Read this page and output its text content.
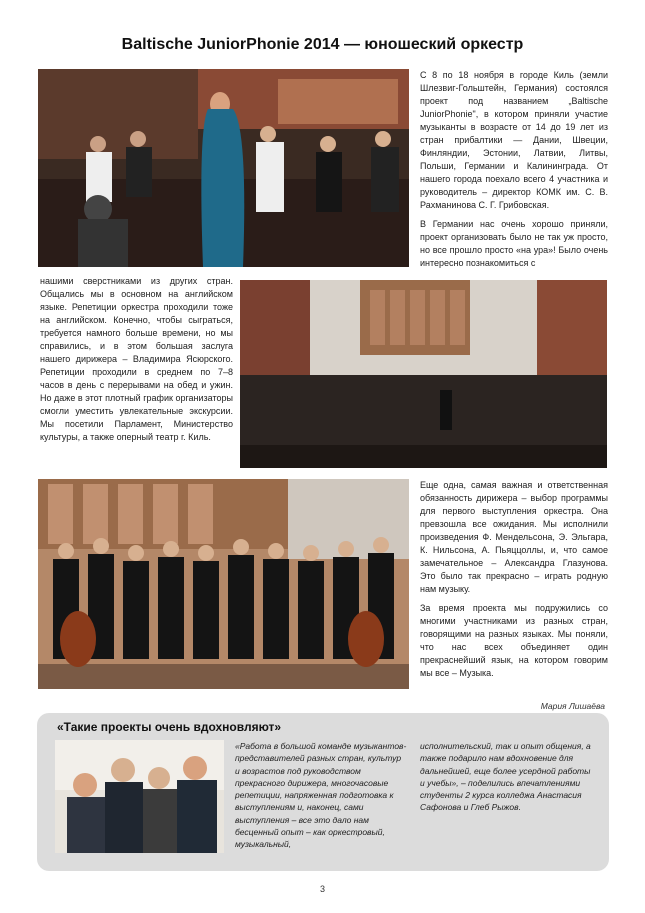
Baltische JuniorPhonie 2014 — юношеский оркестр

С 8 по 18 ноября в городе Киль (земли Шлезвиг-Гольштейн, Германия) состоялся проект под названием „Baltische JuniorPhonie", в котором приняли участие музыканты в возрасте от 14 до 19 лет из стран прибалтики — Дании, Швеции, Финляндии, Эстонии, Латвии, Литвы, Польши, Германии и Калининграда. От нашего города поехало всего 4 участника и руководитель – директор КОМК им. С. В. Рахманинова С. Г. Грибовская.

В Германии нас очень хорошо приняли, проект организовать было не так уж просто, но все прошло просто «на ура»! Было очень интересно познакомиться с

нашими сверстниками из других стран. Общались мы в основном на английском языке. Репетиции оркестра проходили тоже на английском. Конечно, чтобы сыграться, требуется намного больше времени, но мы справились, и в этом большая заслуга нашего дирижера – Владимира Ясюрского. Репетиции проходили в среднем по 7–8 часов в день с перерывами на обед и ужин. Но даже в этот плотный график организаторы смогли уместить увлекательные экскурсии. Мы посетили Парламент, Министерство культуры, а также оперный театр г. Киль.

Еще одна, самая важная и ответственная обязанность дирижера – выбор программы для первого выступления оркестра. Она превзошла все ожидания. Мы исполнили произведения Ф. Мендельсона, Э. Эльгара, К. Нильсона, А. Пьяццоллы, и, что самое замечательное – Александра Глазунова. Это было так прекрасно – играть родную нам музыку.

За время проекта мы подружились со многими участниками из разных стран, говорящими на разных языках. Мы поняли, что нас всех объединяет один прекраснейший язык, на котором говорим мы все – Музыка.

Мария Лишаёва
«Такие проекты очень вдохновляют»
«Работа в большой команде музыкантов-представителей разных стран, культур и возрастов под руководством прекрасного дирижера, многочасовые репетиции, напряженная подготовка к выступлениям и, наконец, сами выступления – все это дало нам бесценный опыт – как оркестровый, музыкальный,
исполнительский, так и опыт общения, а также подарило нам вдохновение для дальнейшей, еще более усердной работы и учебы», – поделились впечатлениями студенты 2 курса колледжа Анастасия Сафонова и Глеб Рыжов.
3
